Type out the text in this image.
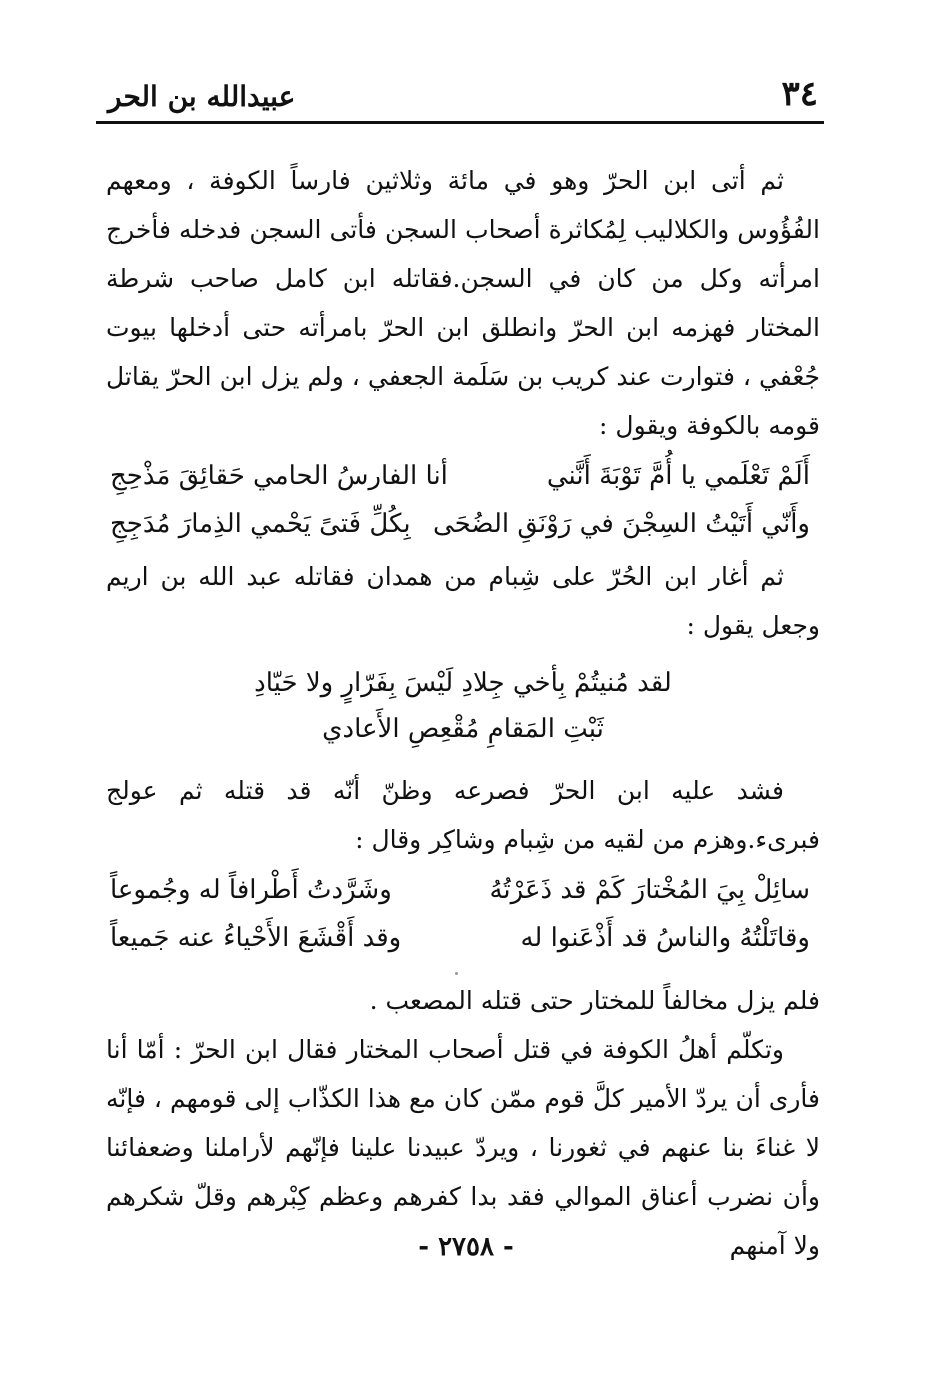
٣٤
عبيدالله بن الحر

ثم أتى ابن الحرّ وهو في مائة وثلاثين فارساً الكوفة ، ومعهم الفُؤُوس والكلاليب لِمُكاثرة أصحاب السجن فأتى السجن فدخله فأخرج امرأته وكل من كان في السجن.فقاتله ابن كامل صاحب شرطة المختار فهزمه ابن الحرّ وانطلق ابن الحرّ بامرأته حتى أدخلها بيوت جُعْفي ، فتوارت عند كريب بن سَلَمة الجعفي ، ولم يزل ابن الحرّ يقاتل قومه بالكوفة ويقول :

أَلَمْ تَعْلَمي يا أُمَّ تَوْبَةَ أَنَّني
أنا الفارسُ الحامي حَقائِقَ مَذْحِجِ
وأَنّي أَتَيْتُ السِجْنَ في رَوْنَقِ الضُحَى
بِكُلِّ فَتىً يَحْمي الذِمارَ مُدَجِجِ

ثم أغار ابن الحُرّ على شِبام من همدان فقاتله عبد الله بن اريم وجعل يقول :

لقد مُنيتُمْ بِأخي جِلادِ لَيْسَ بِفَرّارٍ ولا حَيّادِ
ثَبْتِ المَقامِ مُقْعِصِ الأَعادي

فشد عليه ابن الحرّ فصرعه وظنّ أنّه قد قتله ثم عولج فبرىء.وهزم من لقيه من شِبام وشاكِر وقال :

سائِلْ بِيَ المُخْتارَ كَمْ قد ذَعَرْتُهُ
وشَرَّدتُ أَطْرافاً له وجُموعاً
وقاتَلْتُهُ والناسُ قد أَذْعَنوا له
وقد أَقْشَعَ الأَحْياءُ عنه جَميعاً

فلم يزل مخالفاً للمختار حتى قتله المصعب .

وتكلّم أهلُ الكوفة في قتل أصحاب المختار فقال ابن الحرّ : أمّا أنا فأرى أن يردّ الأمير كلَّ قوم ممّن كان مع هذا الكذّاب إلى قومهم ، فإنّه لا غناءَ بنا عنهم في ثغورنا ، ويردّ عبيدنا علينا فإنّهم لأراملنا وضعفائنا وأن نضرب أعناق الموالي فقد بدا كفرهم وعظم كِبْرهم وقلّ شكرهم ولا آمنهم

- ٢٧٥٨ -
